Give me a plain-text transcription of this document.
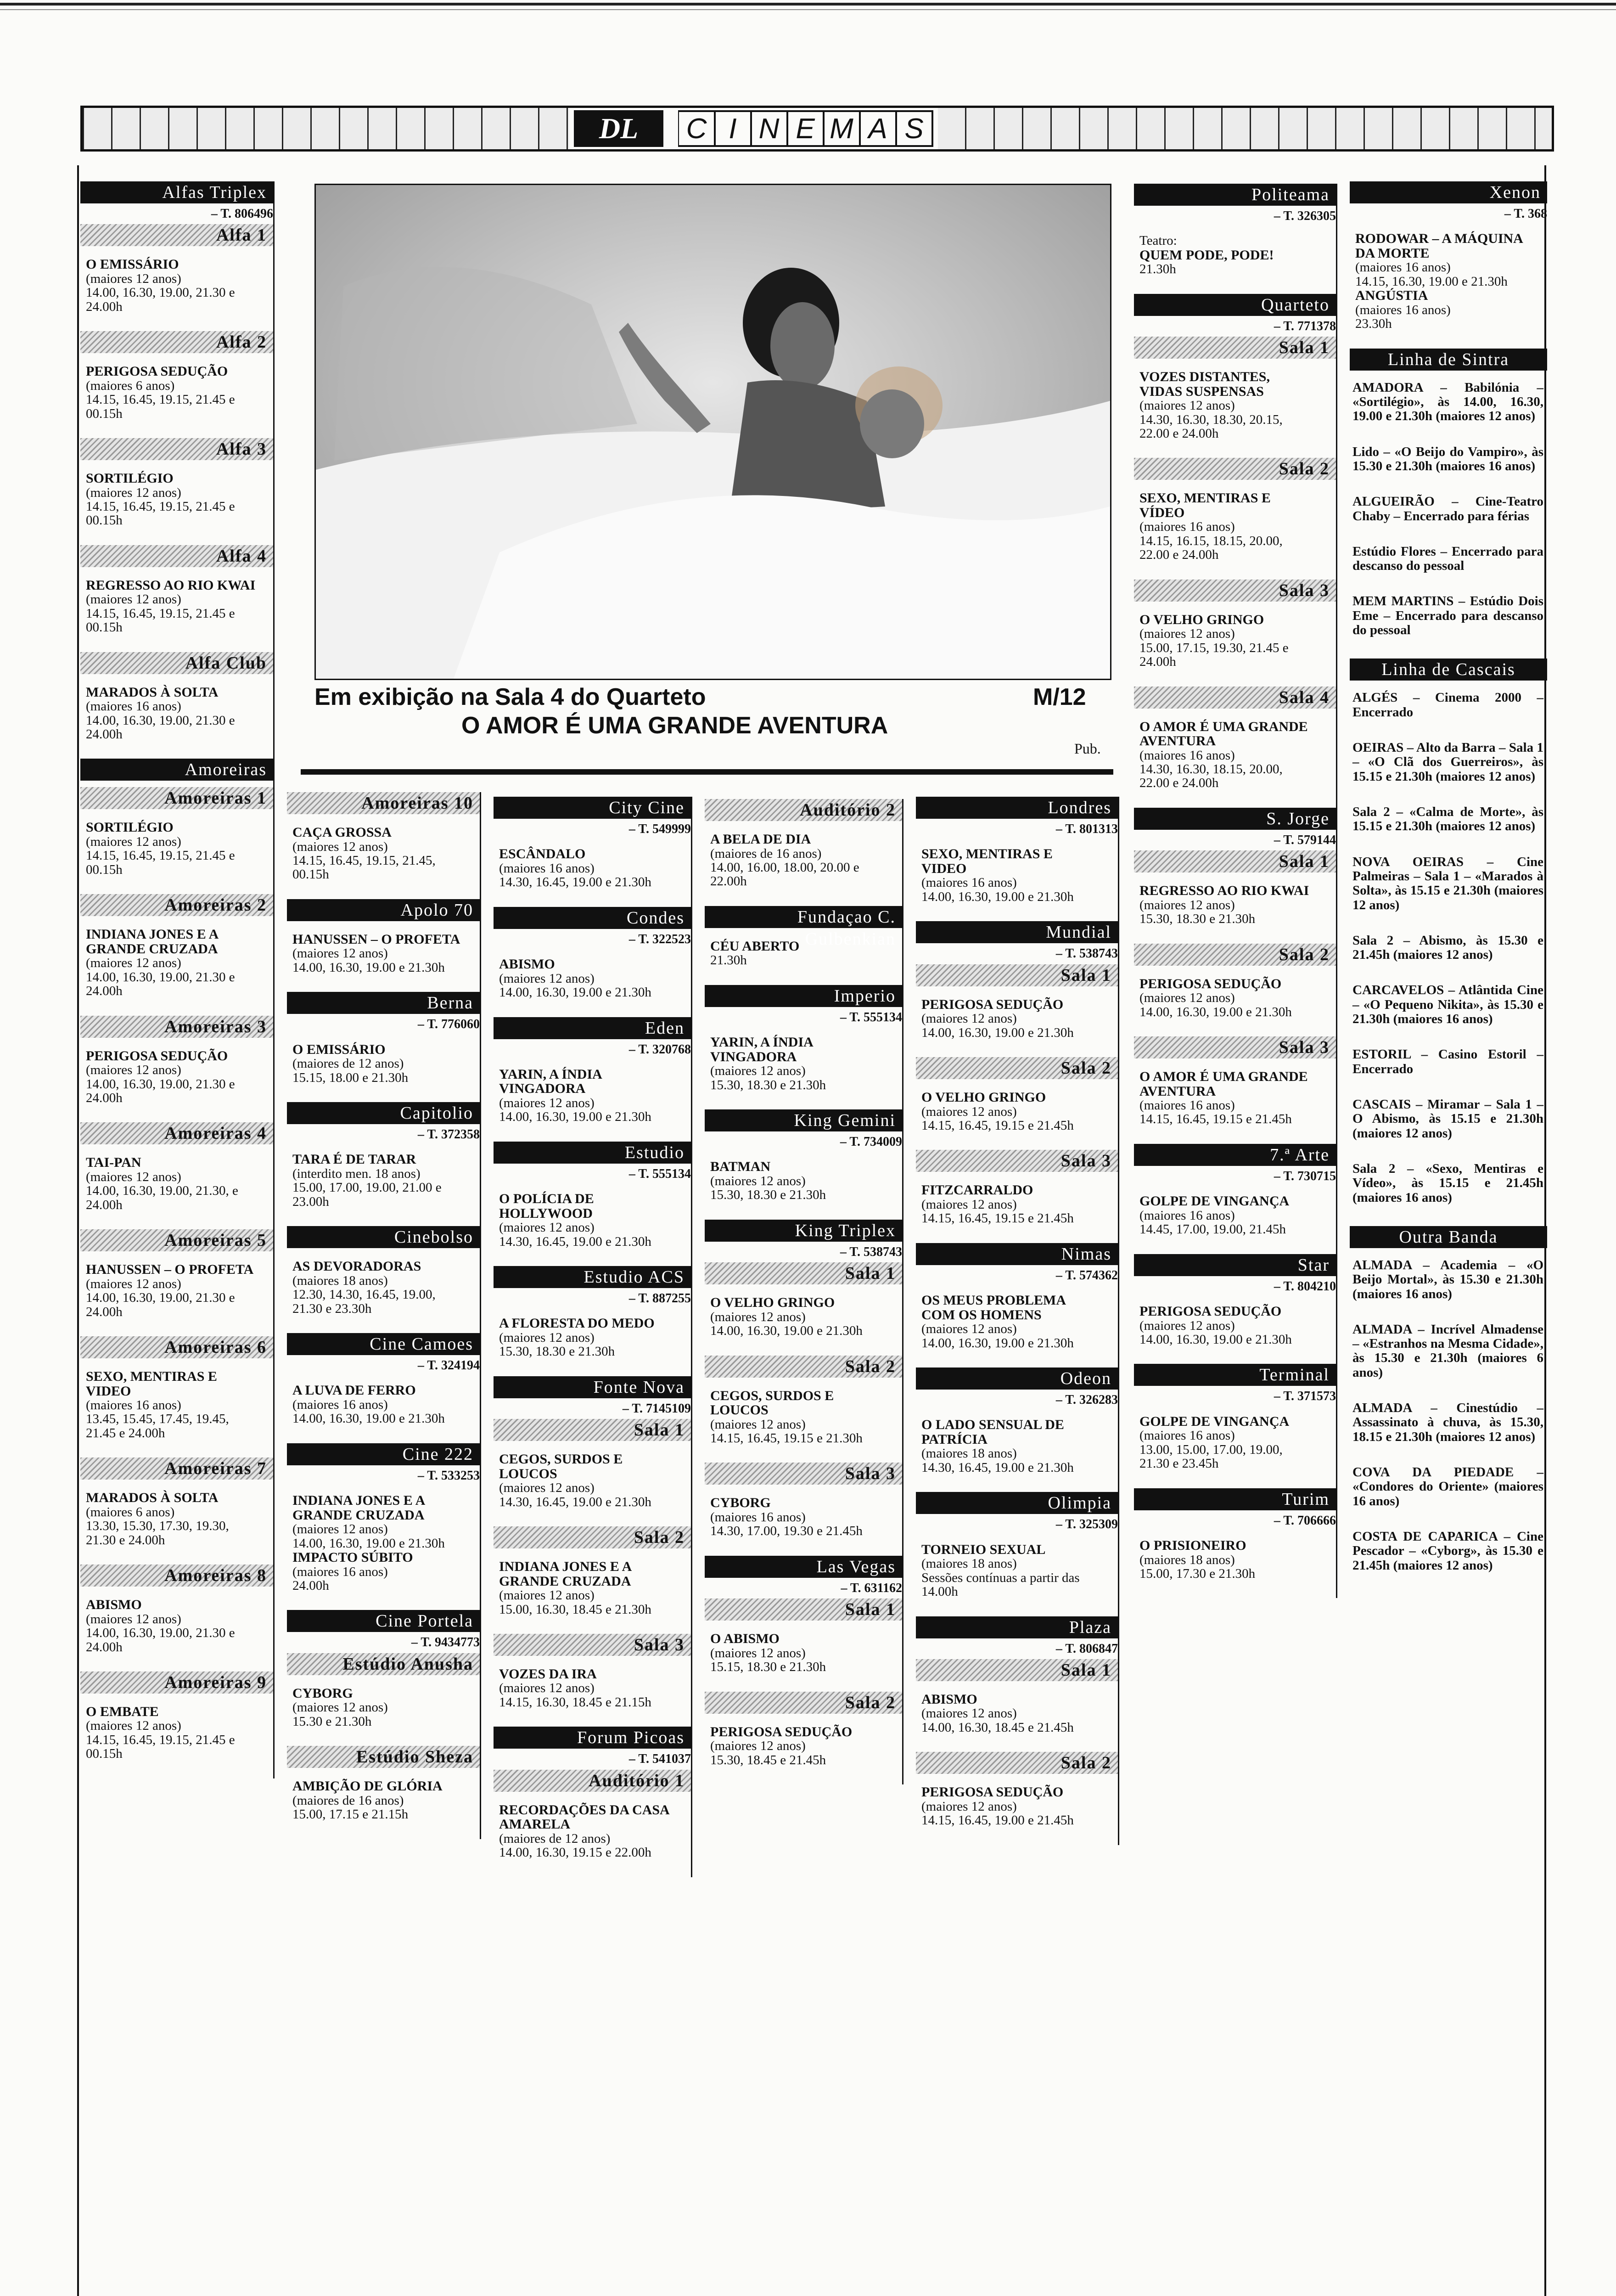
DL	C I N E M A S
Alfas Triplex
– T. 806496
Alfa 1
O EMISSÁRIO
(maiores 12 anos)
14.00, 16.30, 19.00, 21.30 e
24.00h
Alfa 2
PERIGOSA SEDUÇÃO
(maiores 6 anos)
14.15, 16.45, 19.15, 21.45 e
00.15h
Alfa 3
SORTILÉGIO
(maiores 12 anos)
14.15, 16.45, 19.15, 21.45 e
00.15h
Alfa 4
REGRESSO AO RIO KWAI
(maiores 12 anos)
14.15, 16.45, 19.15, 21.45 e
00.15h
Alfa Club
MARADOS À SOLTA
(maiores 16 anos)
14.00, 16.30, 19.00, 21.30 e
24.00h
Amoreiras
Amoreiras 1
SORTILÉGIO
(maiores 12 anos)
14.15, 16.45, 19.15, 21.45 e
00.15h
Amoreiras 2
INDIANA JONES E A
GRANDE CRUZADA
(maiores 12 anos)
14.00, 16.30, 19.00, 21.30 e
24.00h
Amoreiras 3
PERIGOSA SEDUÇÃO
(maiores 12 anos)
14.00, 16.30, 19.00, 21.30 e
24.00h
Amoreiras 4
TAI-PAN
(maiores 12 anos)
14.00, 16.30, 19.00, 21.30, e
24.00h
Amoreiras 5
HANUSSEN – O PROFETA
(maiores 12 anos)
14.00, 16.30, 19.00, 21.30 e
24.00h
Amoreiras 6
SEXO, MENTIRAS E
VIDEO
(maiores 16 anos)
13.45, 15.45, 17.45, 19.45,
21.45 e 24.00h
Amoreiras 7
MARADOS À SOLTA
(maiores 6 anos)
13.30, 15.30, 17.30, 19.30,
21.30 e 24.00h
Amoreiras 8
ABISMO
(maiores 12 anos)
14.00, 16.30, 19.00, 21.30 e
24.00h
Amoreiras 9
O EMBATE
(maiores 12 anos)
14.15, 16.45, 19.15, 21.45 e
00.15h
Amoreiras 10
CAÇA GROSSA
(maiores 12 anos)
14.15, 16.45, 19.15, 21.45,
00.15h
Apolo 70
HANUSSEN – O PROFETA
(maiores 12 anos)
14.00, 16.30, 19.00 e 21.30h
Berna
– T. 776060
O EMISSÁRIO
(maiores de 12 anos)
15.15, 18.00 e 21.30h
Capitolio
– T. 372358
TARA É DE TARAR
(interdito men. 18 anos)
15.00, 17.00, 19.00, 21.00 e
23.00h
Cinebolso
AS DEVORADORAS
(maiores 18 anos)
12.30, 14.30, 16.45, 19.00,
21.30 e 23.30h
Cine Camoes
– T. 324194
A LUVA DE FERRO
(maiores 16 anos)
14.00, 16.30, 19.00 e 21.30h
Cine 222
– T. 533253
INDIANA JONES E A
GRANDE CRUZADA
(maiores 12 anos)
14.00, 16.30, 19.00 e 21.30h
IMPACTO SÚBITO
(maiores 16 anos)
24.00h
Cine Portela
– T. 9434773
Estúdio Anusha
CYBORG
(maiores 12 anos)
15.30 e 21.30h
Estúdio Sheza
AMBIÇÃO DE GLÓRIA
(maiores de 16 anos)
15.00, 17.15 e 21.15h
City Cine
– T. 549999
ESCÂNDALO
(maiores 16 anos)
14.30, 16.45, 19.00 e 21.30h
Condes
– T. 322523
ABISMO
(maiores 12 anos)
14.00, 16.30, 19.00 e 21.30h
Eden
– T. 320768
YARIN, A ÍNDIA
VINGADORA
(maiores 12 anos)
14.00, 16.30, 19.00 e 21.30h
Estudio
– T. 555134
O POLÍCIA DE
HOLLYWOOD
(maiores 12 anos)
14.30, 16.45, 19.00 e 21.30h
Estudio ACS
– T. 887255
A FLORESTA DO MEDO
(maiores 12 anos)
15.30, 18.30 e 21.30h
Fonte Nova
– T. 7145109
Sala 1
CEGOS, SURDOS E
LOUCOS
(maiores 12 anos)
14.30, 16.45, 19.00 e 21.30h
Sala 2
INDIANA JONES E A
GRANDE CRUZADA
(maiores 12 anos)
15.00, 16.30, 18.45 e 21.30h
Sala 3
VOZES DA IRA
(maiores 12 anos)
14.15, 16.30, 18.45 e 21.15h
Forum Picoas
– T. 541037
Auditório 1
RECORDAÇÕES DA CASA
AMARELA
(maiores de 12 anos)
14.00, 16.30, 19.15 e 22.00h
Auditório 2
A BELA DE DIA
(maiores de 16 anos)
14.00, 16.00, 18.00, 20.00 e
22.00h
Fundaçao C. Gulbenkian
CÉU ABERTO
21.30h
Imperio
– T. 555134
YARIN, A ÍNDIA
VINGADORA
(maiores 12 anos)
15.30, 18.30 e 21.30h
King Gemini
– T. 734009
BATMAN
(maiores 12 anos)
15.30, 18.30 e 21.30h
King Triplex
– T. 538743
Sala 1
O VELHO GRINGO
(maiores 12 anos)
14.00, 16.30, 19.00 e 21.30h
Sala 2
CEGOS, SURDOS E
LOUCOS
(maiores 12 anos)
14.15, 16.45, 19.15 e 21.30h
Sala 3
CYBORG
(maiores 16 anos)
14.30, 17.00, 19.30 e 21.45h
Las Vegas
– T. 631162
Sala 1
O ABISMO
(maiores 12 anos)
15.15, 18.30 e 21.30h
Sala 2
PERIGOSA SEDUÇÃO
(maiores 12 anos)
15.30, 18.45 e 21.45h
Londres
– T. 801313
SEXO, MENTIRAS E
VIDEO
(maiores 16 anos)
14.00, 16.30, 19.00 e 21.30h
Mundial
– T. 538743
Sala 1
PERIGOSA SEDUÇÃO
(maiores 12 anos)
14.00, 16.30, 19.00 e 21.30h
Sala 2
O VELHO GRINGO
(maiores 12 anos)
14.15, 16.45, 19.15 e 21.45h
Sala 3
FITZCARRALDO
(maiores 12 anos)
14.15, 16.45, 19.15 e 21.45h
Nimas
– T. 574362
OS MEUS PROBLEMA
COM OS HOMENS
(maiores 12 anos)
14.00, 16.30, 19.00 e 21.30h
Odeon
– T. 326283
O LADO SENSUAL DE
PATRÍCIA
(maiores 18 anos)
14.30, 16.45, 19.00 e 21.30h
Olimpia
– T. 325309
TORNEIO SEXUAL
(maiores 18 anos)
Sessões contínuas a partir das
14.00h
Plaza
– T. 806847
Sala 1
ABISMO
(maiores 12 anos)
14.00, 16.30, 18.45 e 21.45h
Sala 2
PERIGOSA SEDUÇÃO
(maiores 12 anos)
14.15, 16.45, 19.00 e 21.45h
Politeama
– T. 326305
Teatro:
QUEM PODE, PODE!
21.30h
Quarteto
– T. 771378
Sala 1
VOZES DISTANTES,
VIDAS SUSPENSAS
(maiores 12 anos)
14.30, 16.30, 18.30, 20.15,
22.00 e 24.00h
Sala 2
SEXO, MENTIRAS E
VÍDEO
(maiores 16 anos)
14.15, 16.15, 18.15, 20.00,
22.00 e 24.00h
Sala 3
O VELHO GRINGO
(maiores 12 anos)
15.00, 17.15, 19.30, 21.45 e
24.00h
Sala 4
O AMOR É UMA GRANDE
AVENTURA
(maiores 16 anos)
14.30, 16.30, 18.15, 20.00,
22.00 e 24.00h
S. Jorge
– T. 579144
Sala 1
REGRESSO AO RIO KWAI
(maiores 12 anos)
15.30, 18.30 e 21.30h
Sala 2
PERIGOSA SEDUÇÃO
(maiores 12 anos)
14.00, 16.30, 19.00 e 21.30h
Sala 3
O AMOR É UMA GRANDE
AVENTURA
(maiores 16 anos)
14.15, 16.45, 19.15 e 21.45h
7.ª Arte
– T. 730715
GOLPE DE VINGANÇA
(maiores 16 anos)
14.45, 17.00, 19.00, 21.45h
Star
– T. 804210
PERIGOSA SEDUÇÃO
(maiores 12 anos)
14.00, 16.30, 19.00 e 21.30h
Terminal
– T. 371573
GOLPE DE VINGANÇA
(maiores 16 anos)
13.00, 15.00, 17.00, 19.00,
21.30 e 23.45h
Turim
– T. 706666
O PRISIONEIRO
(maiores 18 anos)
15.00, 17.30 e 21.30h
Xenon
– T. 368
RODOWAR – A MÁQUINA
DA MORTE
(maiores 16 anos)
14.15, 16.30, 19.00 e 21.30h
ANGÚSTIA
(maiores 16 anos)
23.30h
Linha de Sintra
AMADORA – Babilónia – «Sortilégio», às 14.00, 16.30, 19.00 e 21.30h (maiores 12 anos)
Lido – «O Beijo do Vampiro», às 15.30 e 21.30h (maiores 16 anos)
ALGUEIRÃO – Cine-Teatro Chaby – Encerrado para férias
Estúdio Flores – Encerrado para descanso do pessoal
MEM MARTINS – Estúdio Dois Eme – Encerrado para descanso do pessoal
Linha de Cascais
ALGÉS – Cinema 2000 – Encerrado
OEIRAS – Alto da Barra – Sala 1 – «O Clã dos Guerreiros», às 15.15 e 21.30h (maiores 12 anos)
Sala 2 – «Calma de Morte», às 15.15 e 21.30h (maiores 12 anos)
NOVA OEIRAS – Cine Palmeiras – Sala 1 – «Marados à Solta», às 15.15 e 21.30h (maiores 12 anos)
Sala 2 – Abismo, às 15.30 e 21.45h (maiores 12 anos)
CARCAVELOS – Atlântida Cine – «O Pequeno Nikita», às 15.30 e 21.30h (maiores 16 anos)
ESTORIL – Casino Estoril – Encerrado
CASCAIS – Miramar – Sala 1 – O Abismo, às 15.15 e 21.30h (maiores 12 anos)
Sala 2 – «Sexo, Mentiras e Vídeo», às 15.15 e 21.45h (maiores 16 anos)
Outra Banda
ALMADA – Academia – «O Beijo Mortal», às 15.30 e 21.30h (maiores 16 anos)
ALMADA – Incrível Almadense – «Estranhos na Mesma Cidade», às 15.30 e 21.30h (maiores 6 anos)
ALMADA – Cinestúdio – Assassinato à chuva, às 15.30, 18.15 e 21.30h (maiores 12 anos)
COVA DA PIEDADE – «Condores do Oriente» (maiores 16 anos)
COSTA DE CAPARICA – Cine Pescador – «Cyborg», às 15.30 e 21.45h (maiores 12 anos)
Em exibição na Sala 4 do Quarteto	M/12
O AMOR É UMA GRANDE AVENTURA
Pub.
